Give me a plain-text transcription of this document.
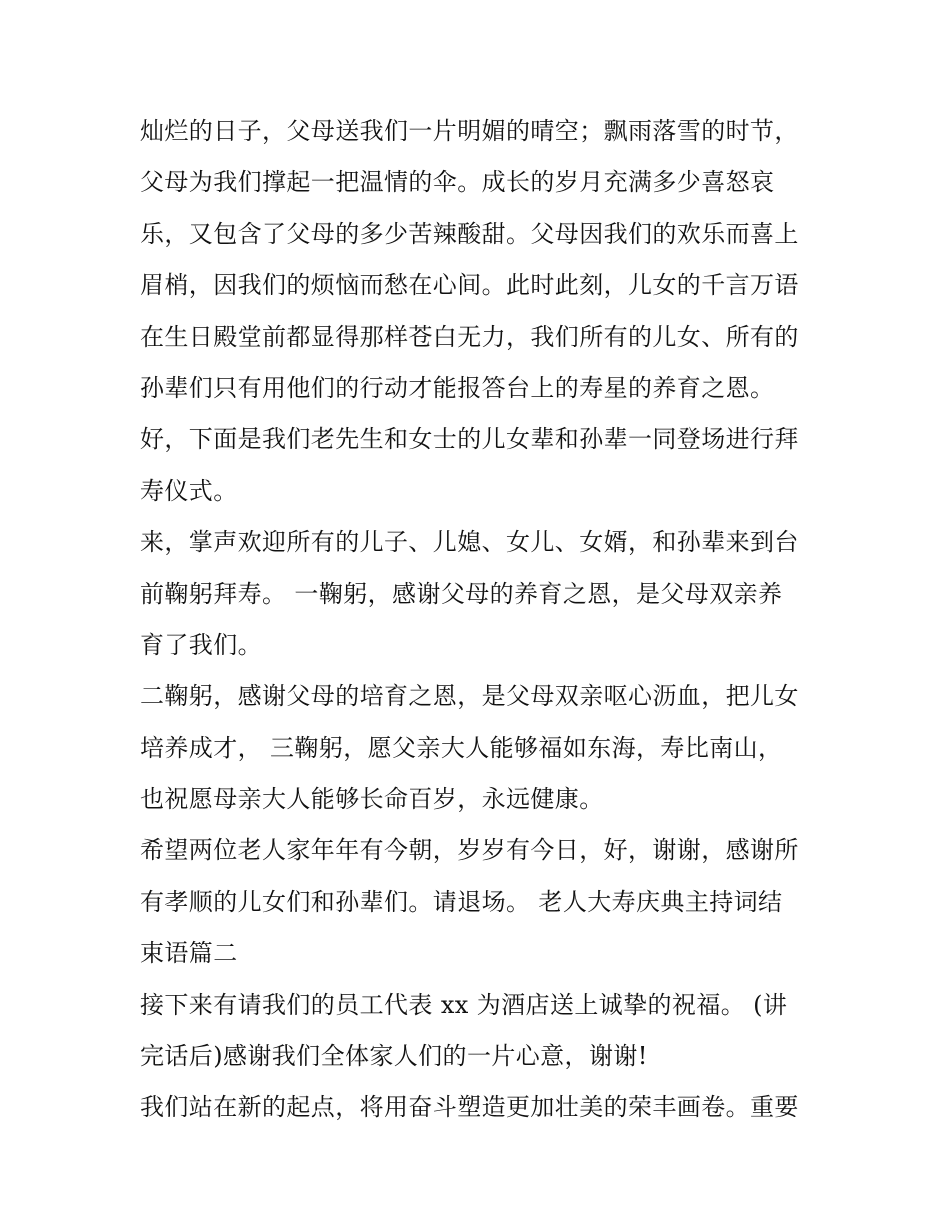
灿烂的日子，父母送我们一片明媚的晴空；飘雨落雪的时节，
父母为我们撑起一把温情的伞。成长的岁月充满多少喜怒哀
乐，又包含了父母的多少苦辣酸甜。父母因我们的欢乐而喜上
眉梢，因我们的烦恼而愁在心间。此时此刻，儿女的千言万语
在生日殿堂前都显得那样苍白无力，我们所有的儿女、所有的
孙辈们只有用他们的行动才能报答台上的寿星的养育之恩。
好，下面是我们老先生和女士的儿女辈和孙辈一同登场进行拜
寿仪式。
来，掌声欢迎所有的儿子、儿媳、女儿、女婿，和孙辈来到台
前鞠躬拜寿。 一鞠躬，感谢父母的养育之恩，是父母双亲养
育了我们。
二鞠躬，感谢父母的培育之恩，是父母双亲呕心沥血，把儿女
培养成才， 三鞠躬，愿父亲大人能够福如东海，寿比南山，
也祝愿母亲大人能够长命百岁，永远健康。
希望两位老人家年年有今朝，岁岁有今日，好，谢谢，感谢所
有孝顺的儿女们和孙辈们。请退场。 老人大寿庆典主持词结
束语篇二
接下来有请我们的员工代表 xx 为酒店送上诚挚的祝福。 (讲
完话后)感谢我们全体家人们的一片心意，谢谢!
我们站在新的起点，将用奋斗塑造更加壮美的荣丰画卷。重要
